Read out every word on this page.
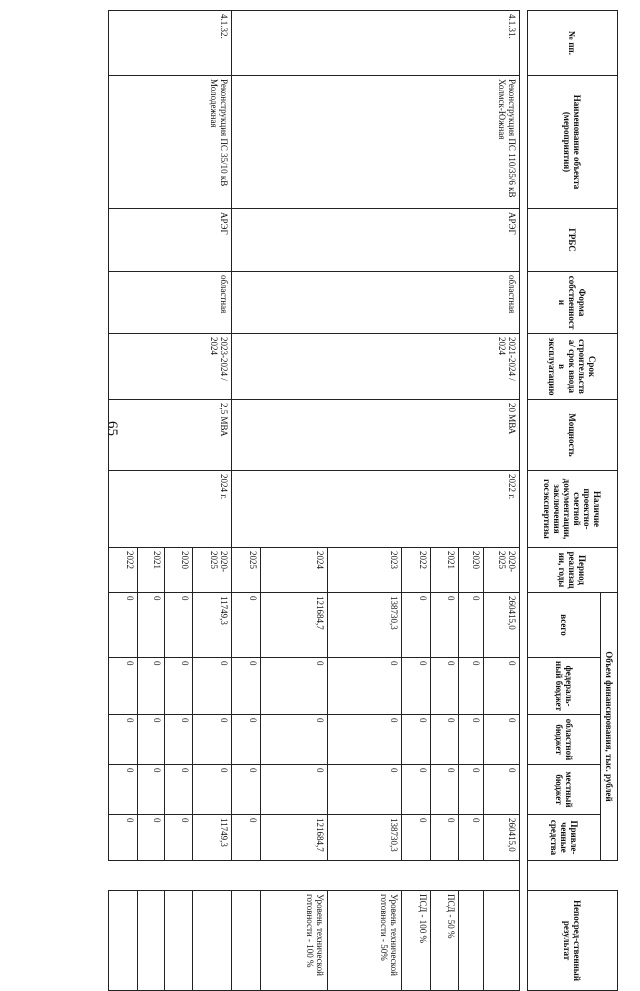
65
№ пп.	Наименование объекта (мероприятия)	ГРБС	Форма собственности	Срок строительства/ срок ввода в эксплуатацию	Мощность	Наличие проектно-сметной документации, заключения госэкспертизы	Период реализации, годы	Объем финансирования, тыс. рублей						Непосред-ственный результат
								всего	федераль-ный бюджет	областной бюджет	местный бюджет	Привле-ченные средства		

4.1.31.	Реконструкция ПС 110/35/6 кВ Холмск-Южная	АРЭГ	областная	2021-2024 / 2024	20 МВА	2022 г.	2020-2025	260415,0	0	0	0	260415,0		
							2020	0	0	0	0	0		
							2021	0	0	0	0	0		ПСД - 50 %
							2022	0	0	0	0	0		ПСД - 100 %
							2023	138730,3	0	0	0	138730,3		Уровень технической готовности - 50%
							2024	121684,7	0	0	0	121684,7		Уровень технической готовности - 100 %
							2025	0	0	0	0	0		
4.1.32.	Реконструкция ПС 35/10 кВ Молодежная	АРЭГ	областная	2023-2024 / 2024	2,5 МВА	2024 г.	2020-2025	11749,3	0	0	0	11749,3		
							2020	0	0	0	0	0		
							2021	0	0	0	0	0		
							2022	0	0	0	0	0		
